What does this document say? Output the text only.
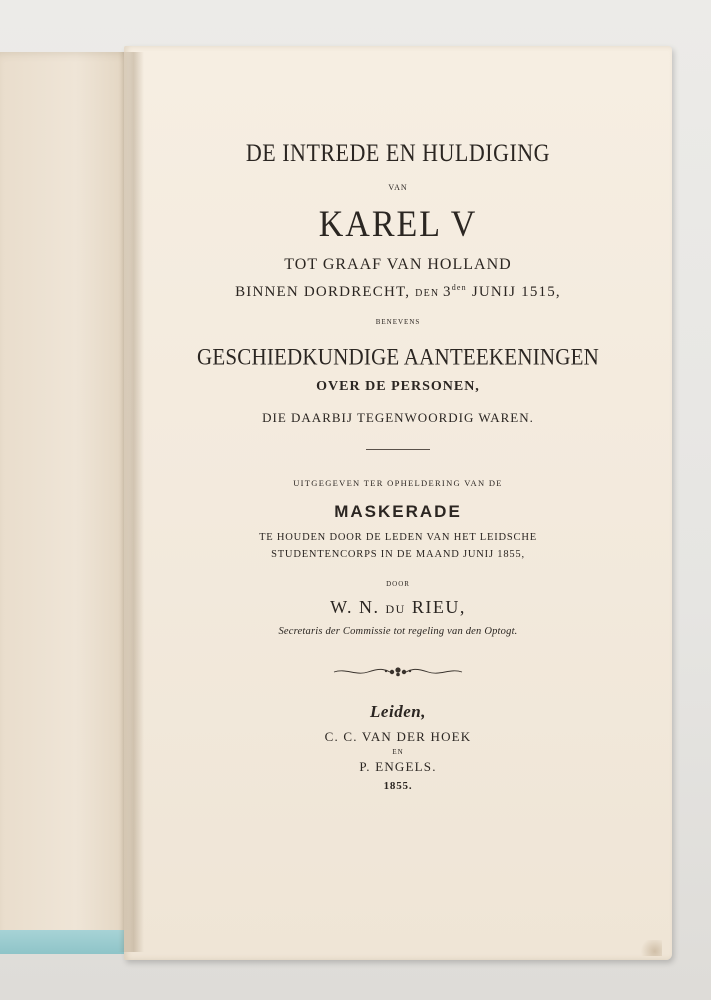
DE INTREDE EN HULDIGING
VAN
KAREL V
TOT GRAAF VAN HOLLAND
BINNEN DORDRECHT, DEN $3^{den}$ JUNIJ 1515,
BENEVENS
GESCHIEDKUNDIGE AANTEEKENINGEN
OVER DE PERSONEN,
DIE DAARBIJ TEGENWOORDIG WAREN.
UITGEGEVEN TER OPHELDERING VAN DE
MASKERADE
TE HOUDEN DOOR DE LEDEN VAN HET LEIDSCHE
STUDENTENCORPS IN DE MAAND JUNIJ 1855,
DOOR
W. N. DU RIEU,
Secretaris der Commissie tot regeling van den Optogt.
Leiden,
C. C. VAN DER HOEK
EN
P. ENGELS.
1855.
